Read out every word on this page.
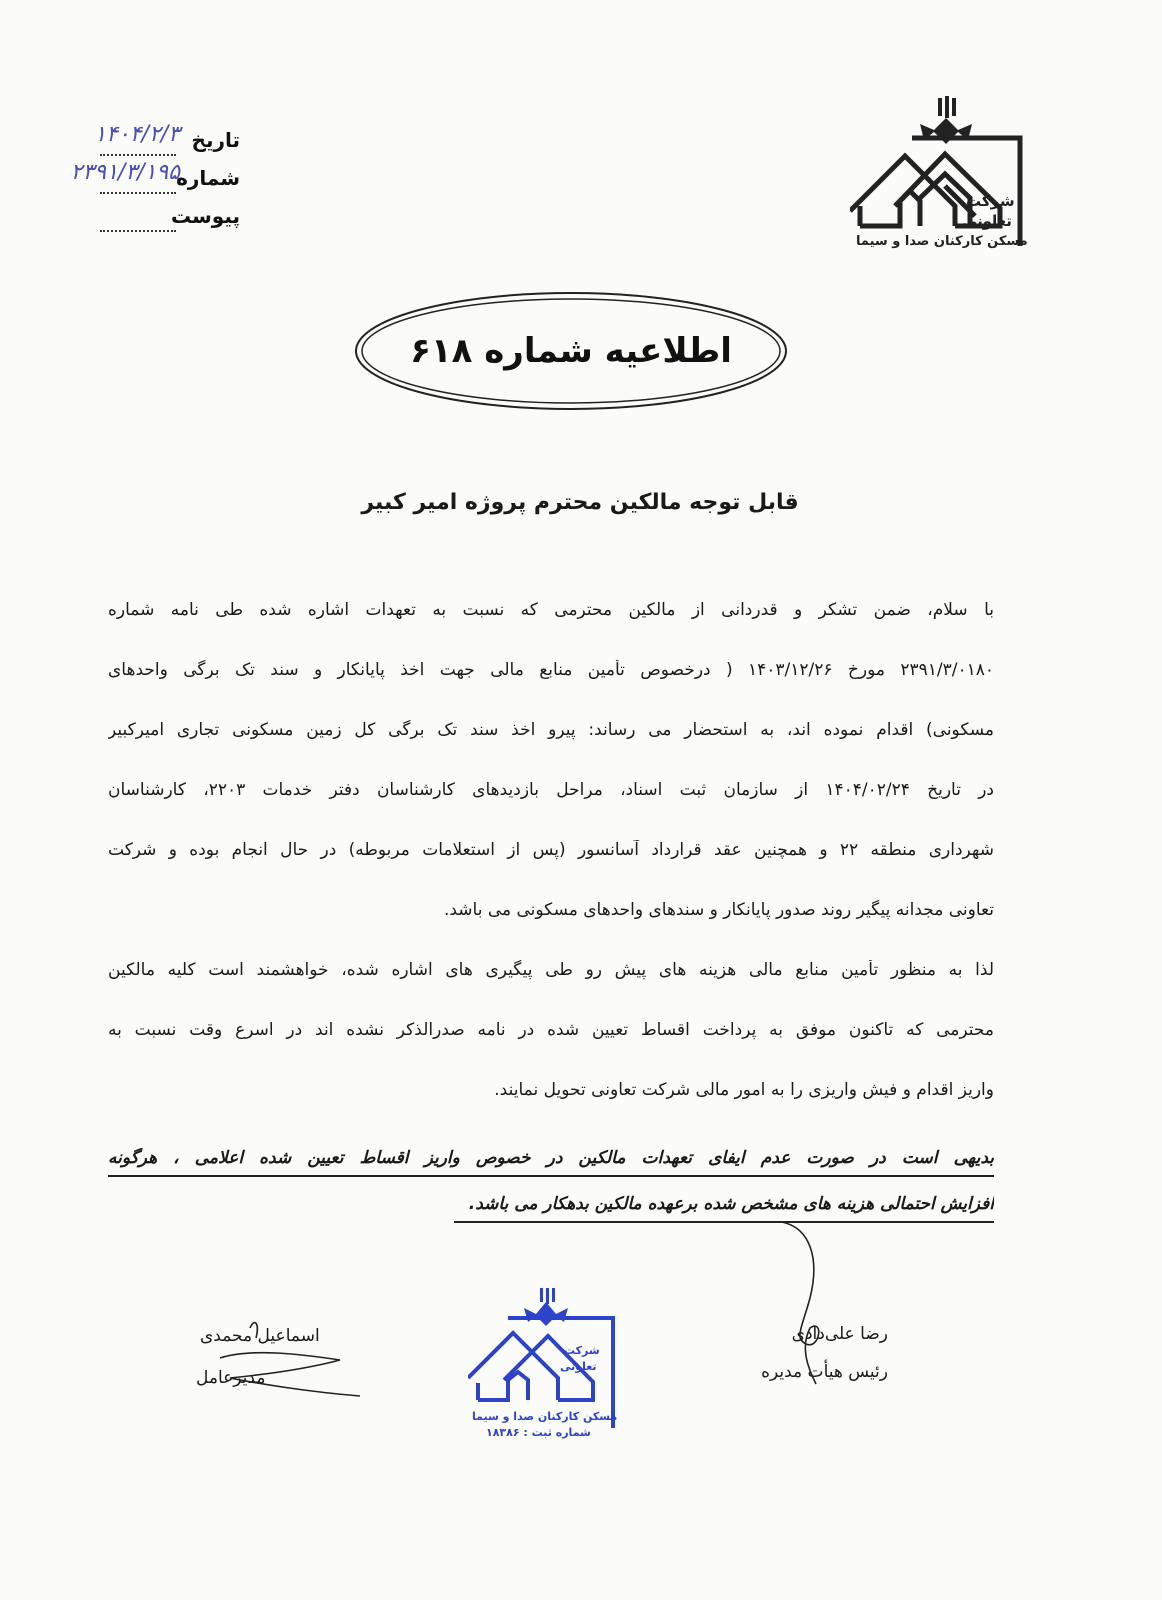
تاریخ
۱۴۰۴/۲/۳
شماره
۲۳۹۱/۳/۱۹۵
پیوست
شرکت
تعاونی
مسکن کارکنان صدا و سیما
اطلاعیه شماره ۶۱۸
قابل توجه مالکین محترم پروژه امیر کبیر
با سلام، ضمن تشکر و قدردانی از مالکین محترمی که نسبت به تعهدات اشاره شده طی نامه شماره
۲۳۹۱/۳/۰۱۸۰ مورخ ۱۴۰۳/۱۲/۲۶ ( درخصوص تأمین منابع مالی جهت اخذ پایانکار و سند تک برگی واحدهای
مسکونی) اقدام نموده اند، به استحضار می رساند: پیرو اخذ سند تک برگی کل زمین مسکونی تجاری امیرکبیر
در تاریخ ۱۴۰۴/۰۲/۲۴ از سازمان ثبت اسناد، مراحل بازدیدهای کارشناسان دفتر خدمات ۲۲۰۳، کارشناسان
شهرداری منطقه ۲۲ و همچنین عقد قرارداد آسانسور (پس از استعلامات مربوطه) در حال انجام بوده و شرکت
تعاونی مجدانه پیگیر روند صدور پایانکار و سندهای واحدهای مسکونی می باشد.
لذا به منظور تأمین منابع مالی هزینه های پیش رو طی پیگیری های اشاره شده، خواهشمند است کلیه مالکین
محترمی که تاکنون موفق به پرداخت اقساط تعیین شده در نامه صدرالذکر نشده اند در اسرع وقت نسبت به
واریز اقدام و فیش واریزی را به امور مالی شرکت تعاونی تحویل نمایند.
بدیهی است در صورت عدم ایفای تعهدات مالکین در خصوص واریز اقساط تعیین شده اعلامی ، هرگونه
افزایش احتمالی هزینه های مشخص شده برعهده مالکین بدهکار می باشد.
رضا علی‌دادی
رئیس هیأت مدیره
اسماعیل محمدی
مدیرعامل
شرکت
تعاونی
مسکن کارکنان صدا و سیما
شماره ثبت : ۱۸۳۸۶
